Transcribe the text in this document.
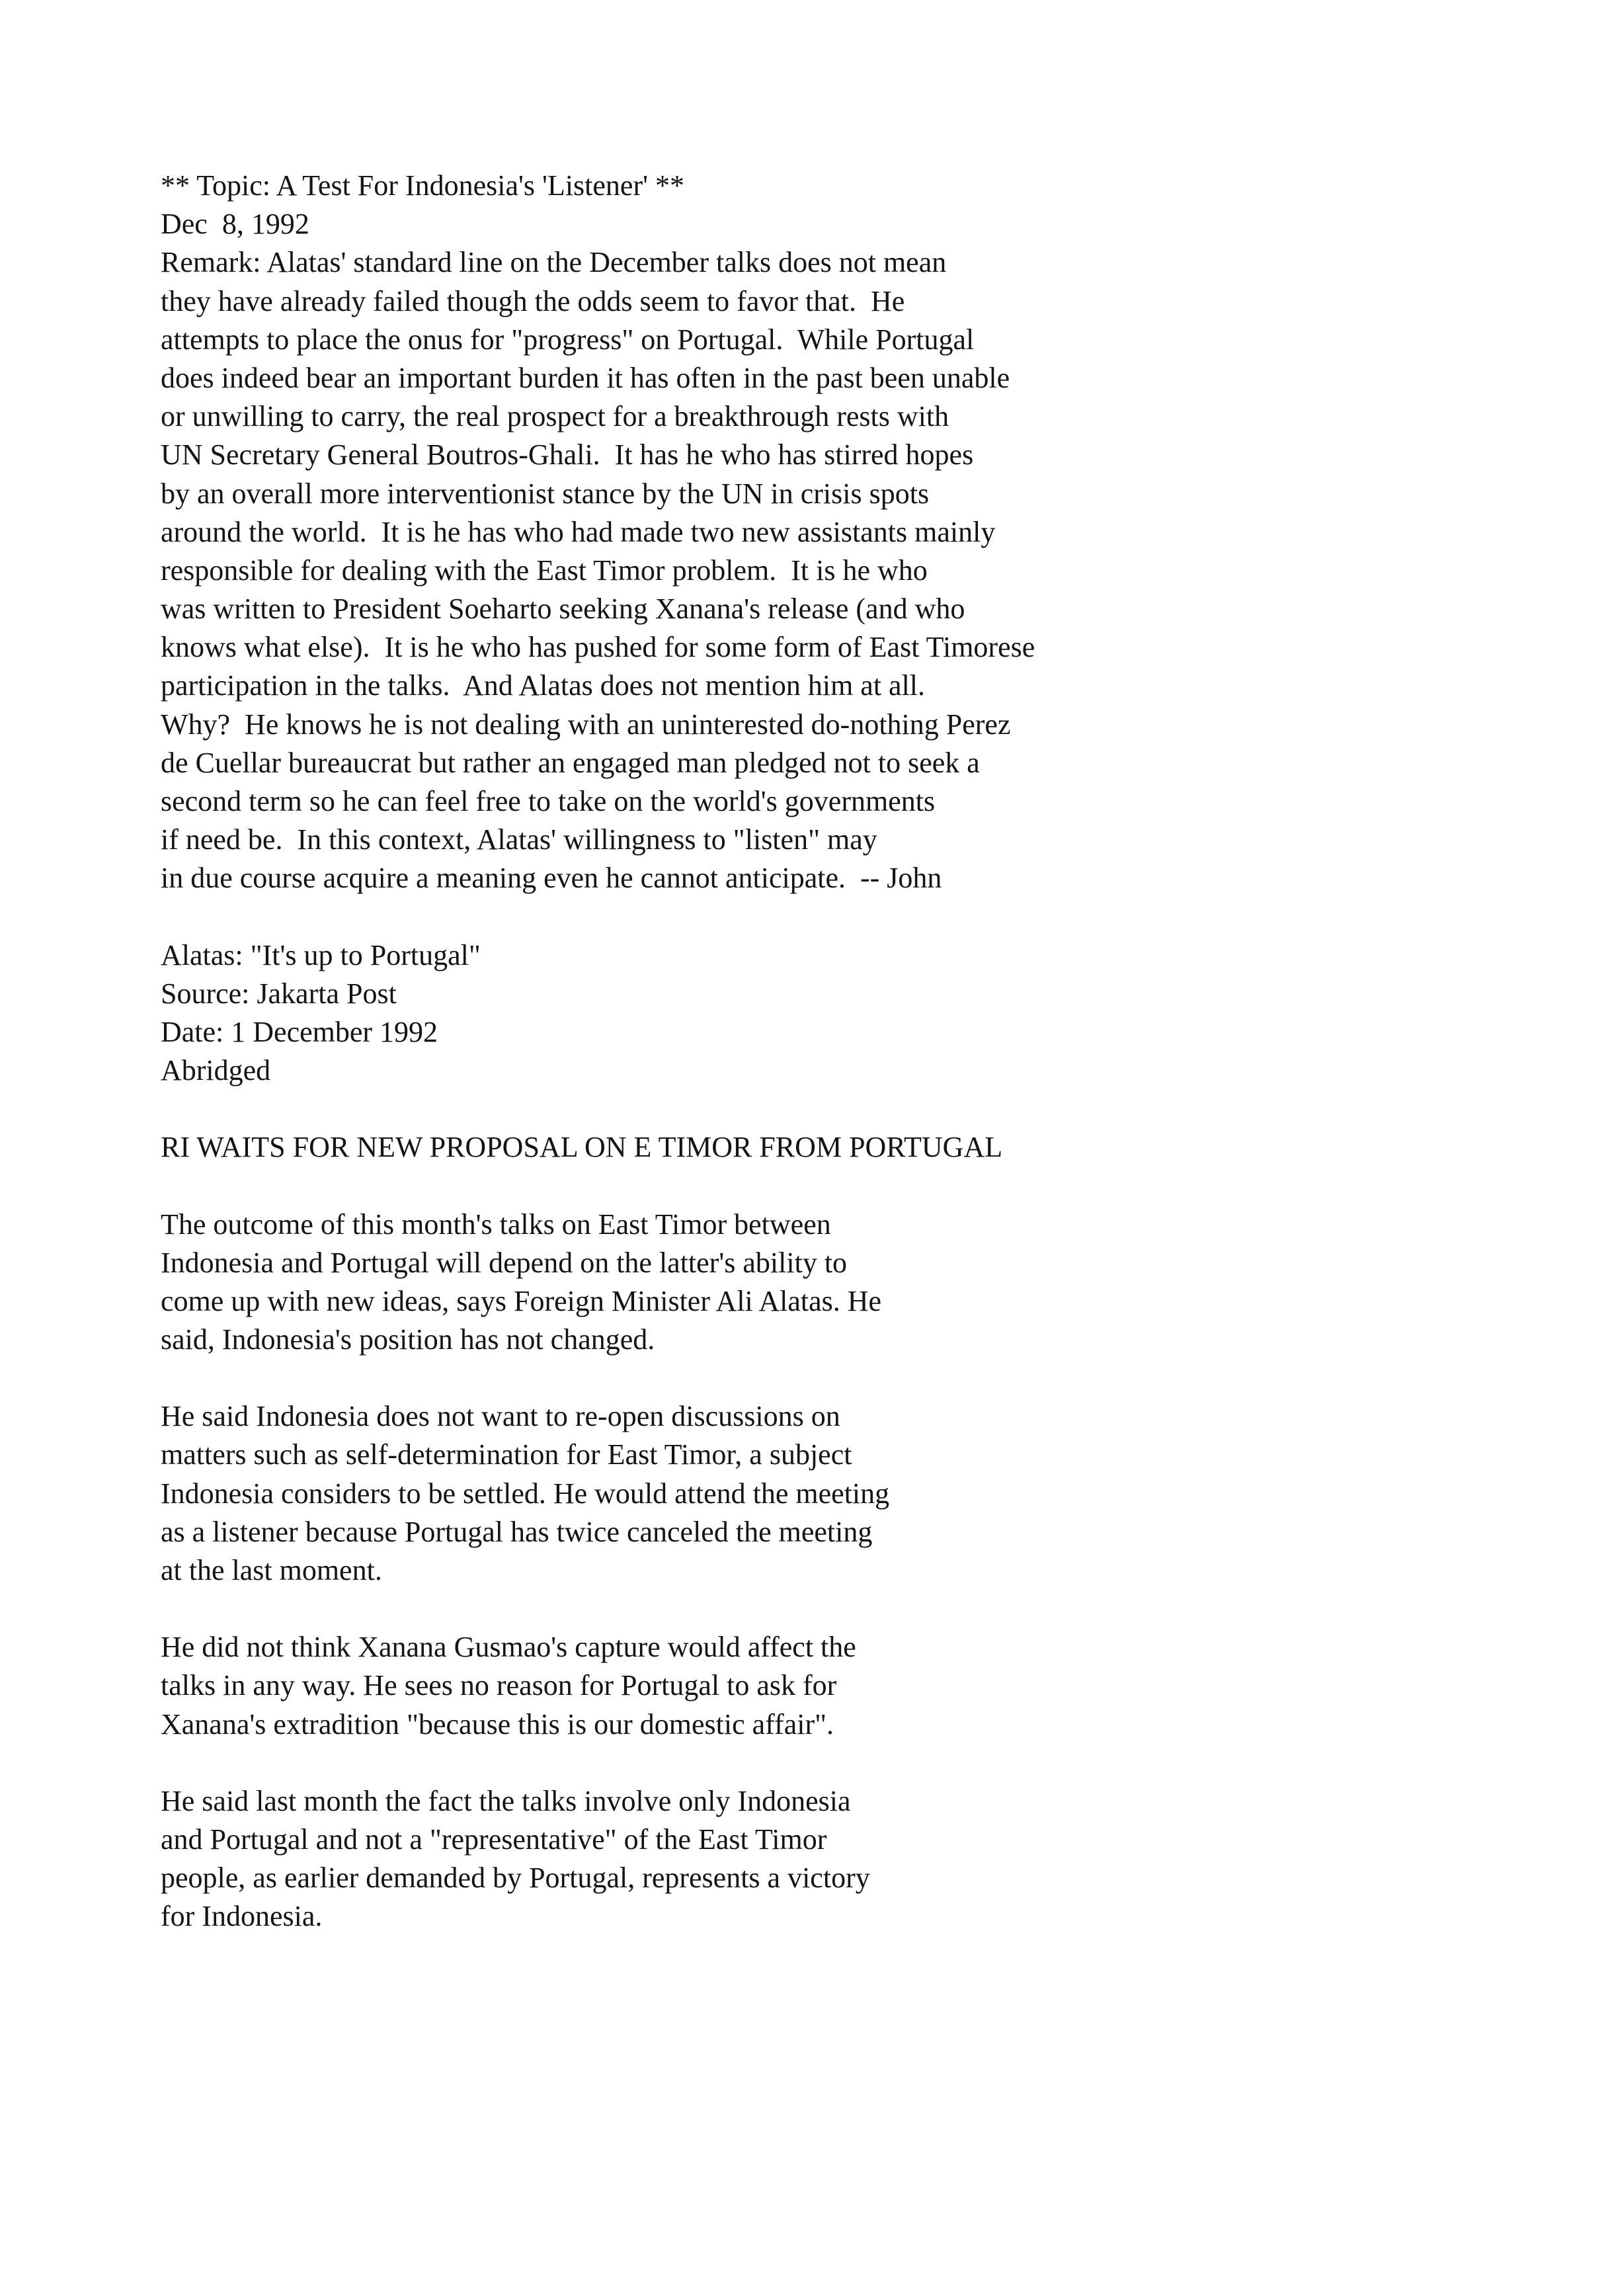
** Topic: A Test For Indonesia's 'Listener' **
Dec  8, 1992
Remark: Alatas' standard line on the December talks does not mean
they have already failed though the odds seem to favor that.  He
attempts to place the onus for "progress" on Portugal.  While Portugal
does indeed bear an important burden it has often in the past been unable
or unwilling to carry, the real prospect for a breakthrough rests with
UN Secretary General Boutros-Ghali.  It has he who has stirred hopes
by an overall more interventionist stance by the UN in crisis spots
around the world.  It is he has who had made two new assistants mainly
responsible for dealing with the East Timor problem.  It is he who
was written to President Soeharto seeking Xanana's release (and who
knows what else).  It is he who has pushed for some form of East Timorese
participation in the talks.  And Alatas does not mention him at all.
Why?  He knows he is not dealing with an uninterested do-nothing Perez
de Cuellar bureaucrat but rather an engaged man pledged not to seek a
second term so he can feel free to take on the world's governments
if need be.  In this context, Alatas' willingness to "listen" may
in due course acquire a meaning even he cannot anticipate.  -- John
Alatas: "It's up to Portugal"
Source: Jakarta Post
Date: 1 December 1992
Abridged
RI WAITS FOR NEW PROPOSAL ON E TIMOR FROM PORTUGAL
The outcome of this month's talks on East Timor between
Indonesia and Portugal will depend on the latter's ability to
come up with new ideas, says Foreign Minister Ali Alatas. He
said, Indonesia's position has not changed.
He said Indonesia does not want to re-open discussions on
matters such as self-determination for East Timor, a subject
Indonesia considers to be settled. He would attend the meeting
as a listener because Portugal has twice canceled the meeting
at the last moment.
He did not think Xanana Gusmao's capture would affect the
talks in any way. He sees no reason for Portugal to ask for
Xanana's extradition "because this is our domestic affair".
He said last month the fact the talks involve only Indonesia
and Portugal and not a "representative" of the East Timor
people, as earlier demanded by Portugal, represents a victory
for Indonesia.
